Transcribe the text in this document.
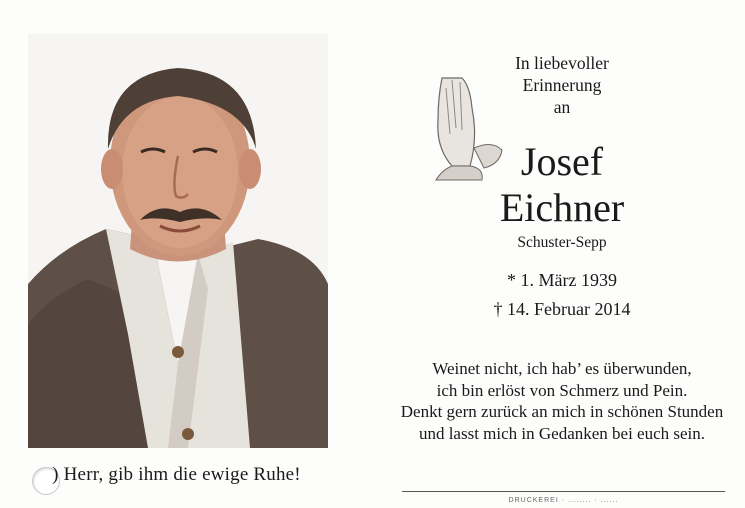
) Herr, gib ihm die ewige Ruhe!
In liebevoller
Erinnerung
an
Josef
Eichner
Schuster-Sepp
* 1. März 1939
† 14. Februar 2014
Weinet nicht, ich hab’ es überwunden,
ich bin erlöst von Schmerz und Pein.
Denkt gern zurück an mich in schönen Stunden
und lasst mich in Gedanken bei euch sein.
DRUCKEREI · ........ · ......
